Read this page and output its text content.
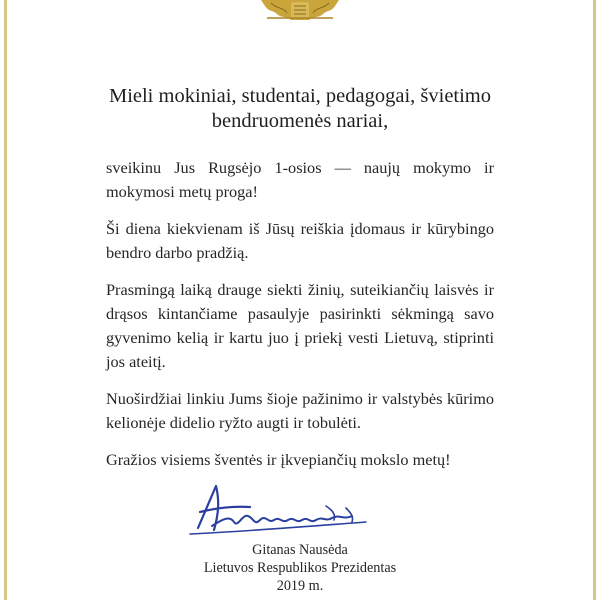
Mieli mokiniai, studentai, pedagogai, švietimo
bendruomenės nariai,

sveikinu Jus Rugsėjo 1-osios — naujų mokymo ir mokymosi metų proga!

Ši diena kiekvienam iš Jūsų reiškia įdomaus ir kūrybingo bendro darbo pradžią.

Prasmingą laiką drauge siekti žinių, suteikiančių laisvės ir drąsos kintančiame pasaulyje pasirinkti sėkmingą savo gyvenimo kelią ir kartu juo į priekį vesti Lietuvą, stiprinti jos ateitį.

Nuoširdžiai linkiu Jums šioje pažinimo ir valstybės kūrimo kelionėje didelio ryžto augti ir tobulėti.

Gražios visiems šventės ir įkvepiančių mokslo metų!

Gitanas Nausėda
Lietuvos Respublikos Prezidentas
2019 m.
